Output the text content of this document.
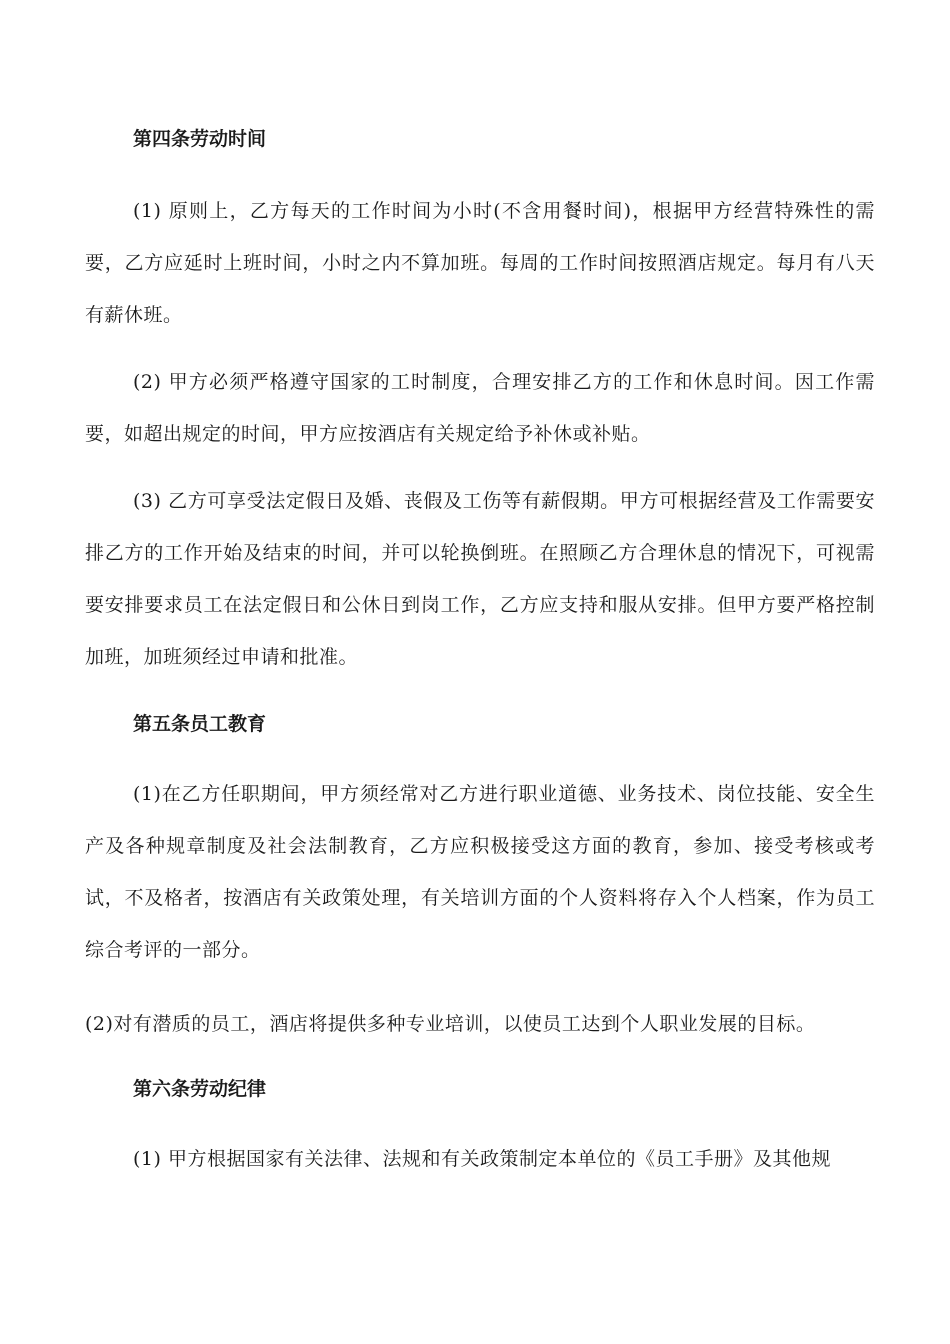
第四条劳动时间
(1) 原则上，乙方每天的工作时间为小时(不含用餐时间)，根据甲方经营特殊性的需要，乙方应延时上班时间，小时之内不算加班。每周的工作时间按照酒店规定。每月有八天有薪休班。
(2) 甲方必须严格遵守国家的工时制度，合理安排乙方的工作和休息时间。因工作需要，如超出规定的时间，甲方应按酒店有关规定给予补休或补贴。
(3) 乙方可享受法定假日及婚、丧假及工伤等有薪假期。甲方可根据经营及工作需要安排乙方的工作开始及结束的时间，并可以轮换倒班。在照顾乙方合理休息的情况下，可视需要安排要求员工在法定假日和公休日到岗工作，乙方应支持和服从安排。但甲方要严格控制加班，加班须经过申请和批准。
第五条员工教育
(1)在乙方任职期间，甲方须经常对乙方进行职业道德、业务技术、岗位技能、安全生产及各种规章制度及社会法制教育，乙方应积极接受这方面的教育，参加、接受考核或考试，不及格者，按酒店有关政策处理，有关培训方面的个人资料将存入个人档案，作为员工综合考评的一部分。
(2)对有潜质的员工，酒店将提供多种专业培训，以使员工达到个人职业发展的目标。
第六条劳动纪律
(1) 甲方根据国家有关法律、法规和有关政策制定本单位的《员工手册》及其他规
